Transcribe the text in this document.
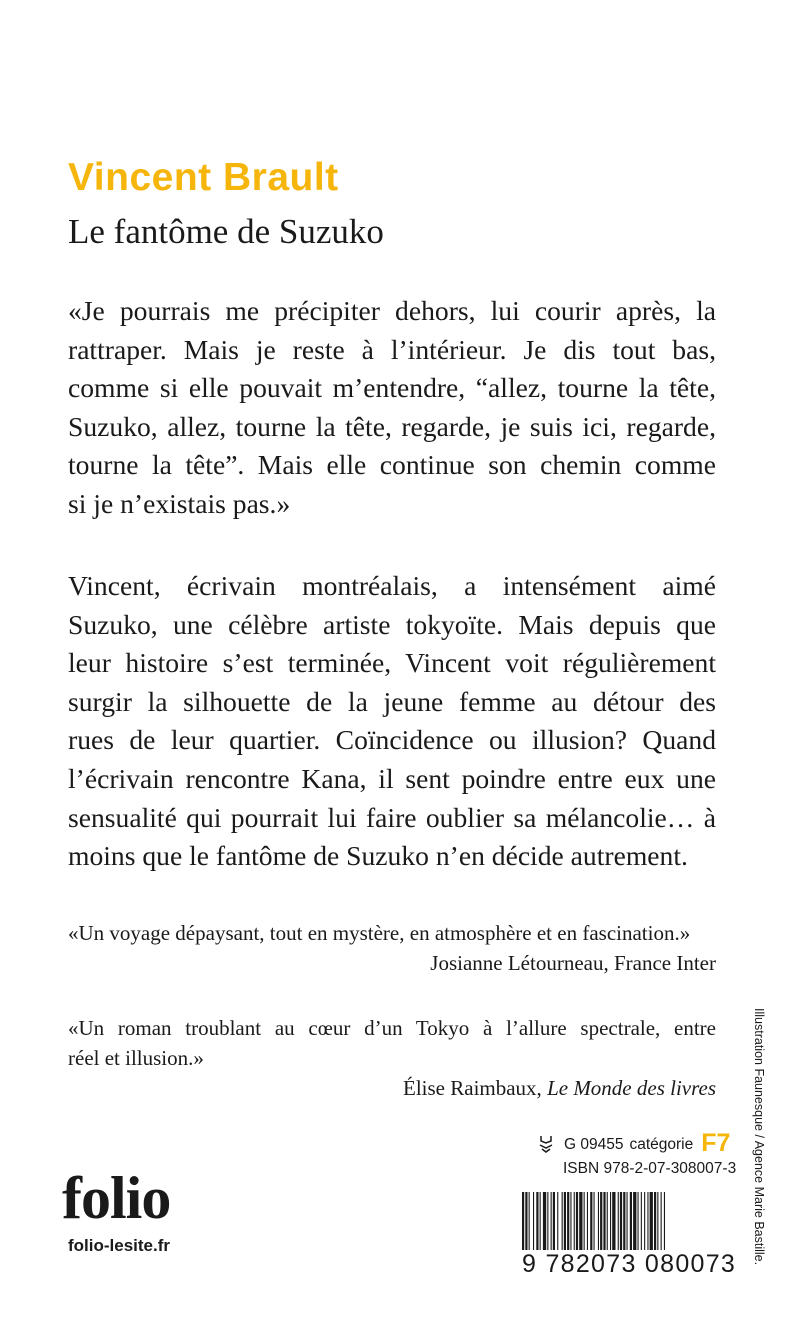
Vincent Brault
Le fantôme de Suzuko

«Je pourrais me précipiter dehors, lui courir après, la
rattraper. Mais je reste à l’intérieur. Je dis tout bas,
comme si elle pouvait m’entendre, “allez, tourne la tête,
Suzuko, allez, tourne la tête, regarde, je suis ici, regarde,
tourne la tête”. Mais elle continue son chemin comme
si je n’existais pas.»

Vincent, écrivain montréalais, a intensément aimé
Suzuko, une célèbre artiste tokyoïte. Mais depuis que
leur histoire s’est terminée, Vincent voit régulièrement
surgir la silhouette de la jeune femme au détour des
rues de leur quartier. Coïncidence ou illusion? Quand
l’écrivain rencontre Kana, il sent poindre entre eux une
sensualité qui pourrait lui faire oublier sa mélancolie… à
moins que le fantôme de Suzuko n’en décide autrement.

«Un voyage dépaysant, tout en mystère, en atmosphère et en fascination.»
Josianne Létourneau, France Inter
«Un roman troublant au cœur d’un Tokyo à l’allure spectrale, entre
réel et illusion.»
Élise Raimbaux, Le Monde des livres	Illustration Faunesque / Agence Marie Bastille.
folio
folio-lesite.fr
G 09455 catégorie F7
ISBN 978-2-07-308007-3
9 782073 080073
